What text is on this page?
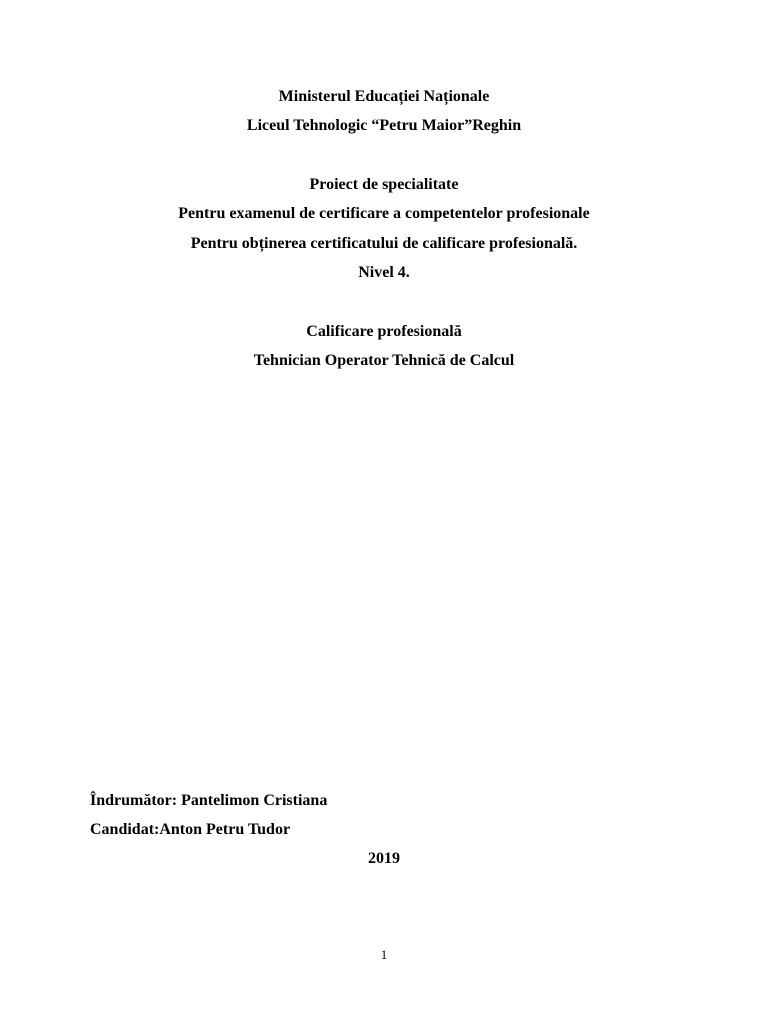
Ministerul Educației Naționale
Liceul Tehnologic “Petru Maior”Reghin
Proiect de specialitate
Pentru examenul de certificare a competentelor profesionale
Pentru obținerea certificatului de calificare profesională.
Nivel 4.
Calificare profesională
Tehnician Operator Tehnică de Calcul
Îndrumător: Pantelimon Cristiana
Candidat:Anton Petru Tudor
2019
1
